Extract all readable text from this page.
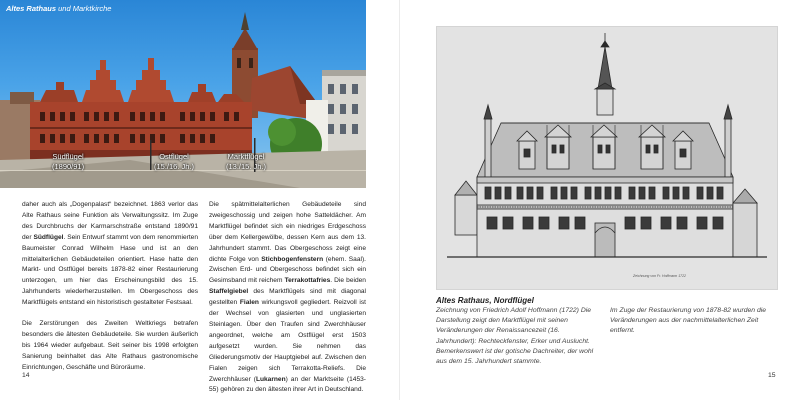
Altes Rathaus und Marktkirche
Südflügel
(1890/91)
Ostflügel
(15./16. Jh.)
Marktflügel
(13./15. Jh.)

daher auch als „Dogenpalast“ bezeichnet. 1863 verlor das Alte Rathaus seine Funktion als Verwaltungssitz. Im Zuge des Durchbruchs der Karmarschstraße entstand 1890/91 der Südflügel. Sein Entwurf stammt von dem renommierten Baumeister Conrad Wilhelm Hase und ist an den mittelalterlichen Gebäudeteilen orientiert. Hase hatte den Markt- und Ostflügel bereits 1878-82 einer Restaurierung unterzogen, um hier das Erscheinungsbild des 15. Jahrhunderts wiederherzustellen. Im Obergeschoss des Marktflügels entstand ein historistisch gestalteter Festsaal.

Die Zerstörungen des Zweiten Weltkriegs betrafen besonders die ältesten Gebäudeteile. Sie wurden äußerlich bis 1964 wieder aufgebaut. Seit seiner bis 1998 erfolgten Sanierung beinhaltet das Alte Rathaus gastronomische Einrichtungen, Geschäfte und Büroräume.

Die spätmittelalterlichen Gebäudeteile sind zweigeschossig und zeigen hohe Satteldächer. Am Marktflügel befindet sich ein niedriges Erdgeschoss über dem Kellergewölbe, dessen Kern aus dem 13. Jahrhundert stammt. Das Obergeschoss zeigt eine dichte Folge von Stichbogenfenstern (ehem. Saal). Zwischen Erd- und Obergeschoss befindet sich ein Gesimsband mit reichem Terrakottafries. Die beiden Staffelgiebel des Marktflügels sind mit diagonal gestellten Fialen wirkungsvoll gegliedert. Reizvoll ist der Wechsel von glasierten und unglasierten Steinlagen. Über den Traufen sind Zwerchhäuser angeordnet, welche am Ostflügel erst 1503 aufgesetzt wurden. Sie nehmen das Gliederungsmotiv der Hauptgiebel auf. Zwischen den Fialen zeigen sich Terrakotta-Reliefs. Die Zwerchhäuser (Lukarnen) an der Marktseite (1453-55) gehören zu den ältesten ihrer Art in Deutschland.

14
Zeichnung von Fr. Hoffmann 1722
Altes Rathaus, Nordflügel
Zeichnung von Friedrich Adolf Hoffmann (1722) Die Darstellung zeigt den Marktflügel mit seinen Veränderungen der Renaissancezeit (16. Jahrhundert): Rechteckfenster, Erker und Auslucht. Bemerkenswert ist der gotische Dachreiter, der wohl aus dem 15. Jahrhundert stammte.
Im Zuge der Restaurierung von 1878-82 wurden die Veränderungen aus der nachmittelalterlichen Zeit entfernt.
15
